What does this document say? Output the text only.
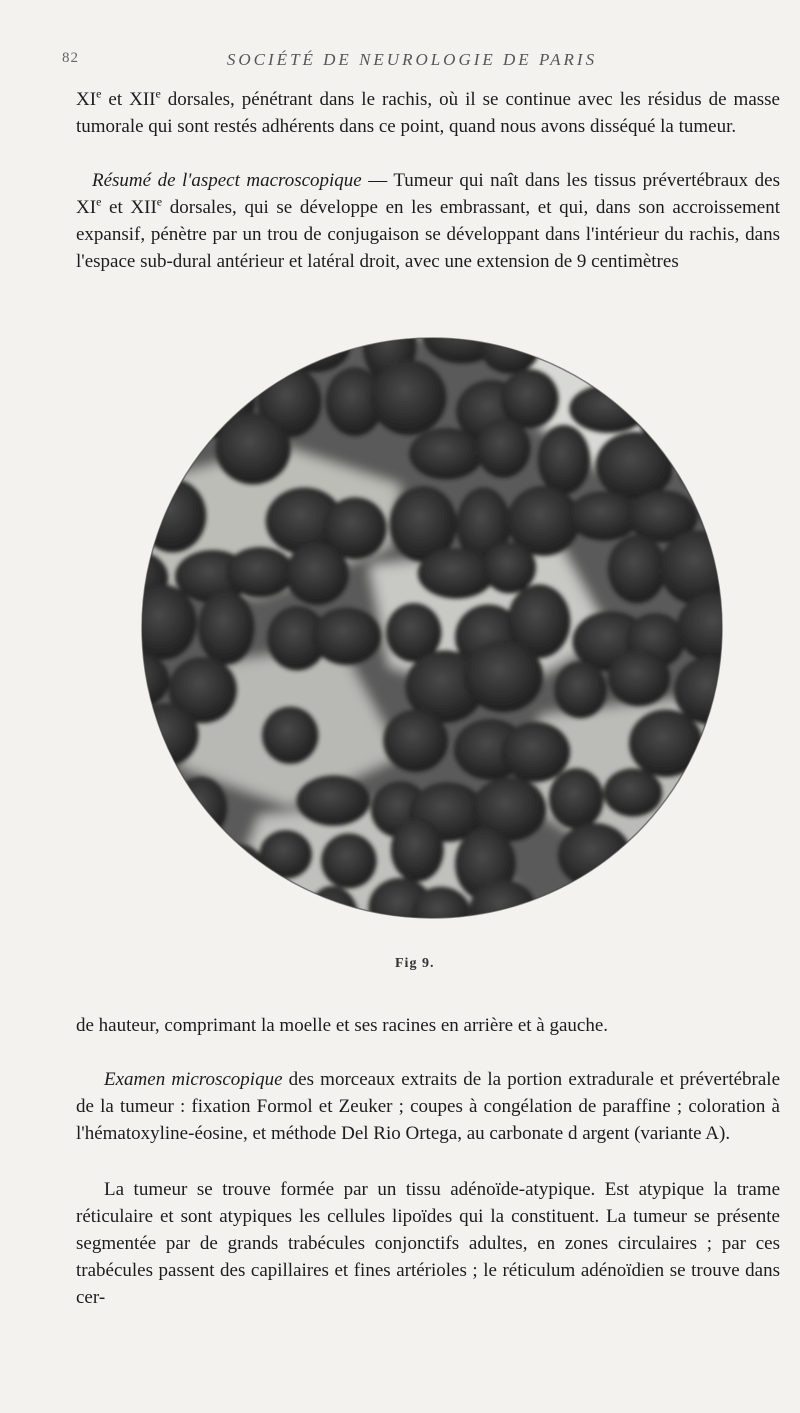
82	SOCIÉTÉ DE NEUROLOGIE DE PARIS

XIe et XIIe dorsales, pénétrant dans le rachis, où il se continue avec les résidus de masse tumorale qui sont restés adhérents dans ce point, quand nous avons disséqué la tumeur.

Résumé de l'aspect macroscopique — Tumeur qui naît dans les tissus prévertébraux des XIe et XIIe dorsales, qui se développe en les embrassant, et qui, dans son accroissement expansif, pénètre par un trou de conjugaison se développant dans l'intérieur du rachis, dans l'espace sub-dural antérieur et latéral droit, avec une extension de 9 centimètres

Fig 9.

de hauteur, comprimant la moelle et ses racines en arrière et à gauche.

Examen microscopique des morceaux extraits de la portion extradurale et prévertébrale de la tumeur : fixation Formol et Zeuker ; coupes à congélation de paraffine ; coloration à l'hématoxyline-éosine, et méthode Del Rio Ortega, au carbonate d argent (variante A).

La tumeur se trouve formée par un tissu adénoïde-atypique. Est atypique la trame réticulaire et sont atypiques les cellules lipoïdes qui la constituent. La tumeur se présente segmentée par de grands trabécules conjonctifs adultes, en zones circulaires ; par ces trabécules passent des capillaires et fines artérioles ; le réticulum adénoïdien se trouve dans cer-
